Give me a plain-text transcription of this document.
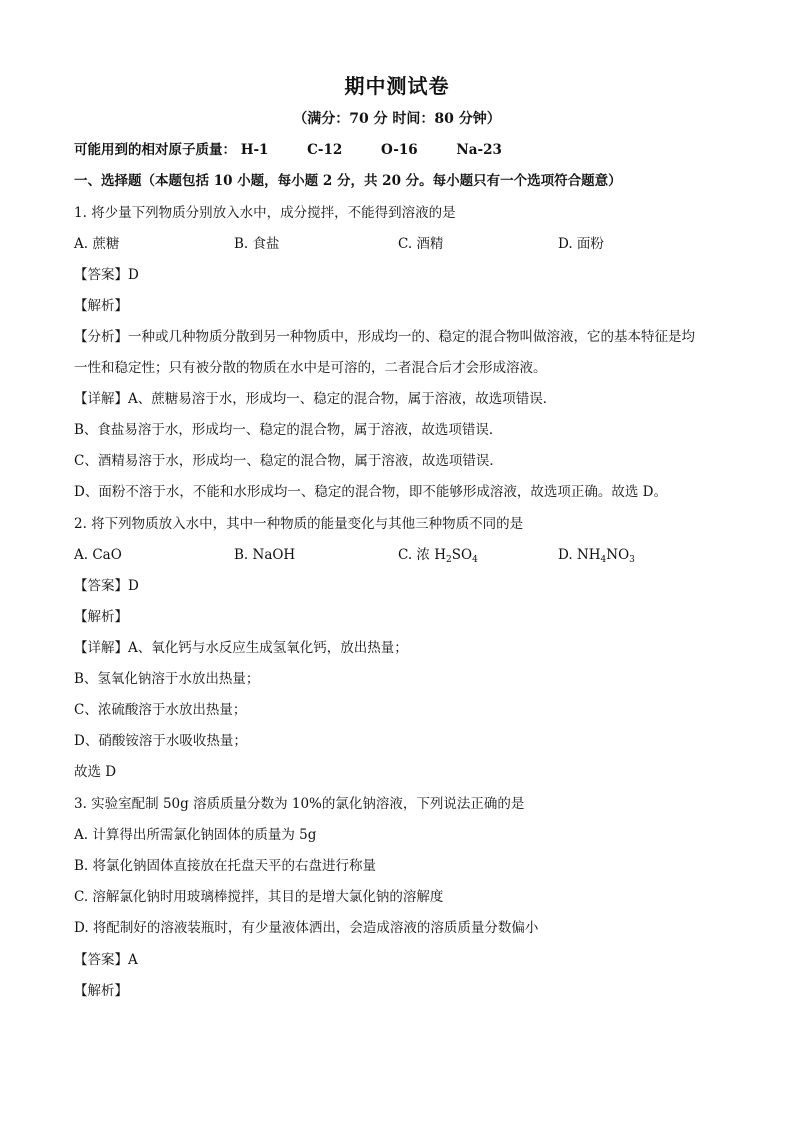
期中测试卷
（满分：70 分 时间：80 分钟）
可能用到的相对原子质量： H-1	C-12	O-16	Na-23
一、选择题（本题包括 10 小题，每小题 2 分，共 20 分。每小题只有一个选项符合题意）
1. 将少量下列物质分别放入水中，成分搅拌，不能得到溶液的是
A. 蔗糖	B. 食盐	C. 酒精	D. 面粉
【答案】D
【解析】
【分析】一种或几种物质分散到另一种物质中，形成均一的、稳定的混合物叫做溶液，它的基本特征是均
一性和稳定性；只有被分散的物质在水中是可溶的，二者混合后才会形成溶液。
【详解】A、蔗糖易溶于水，形成均一、稳定的混合物，属于溶液，故选项错误．
B、食盐易溶于水，形成均一、稳定的混合物，属于溶液，故选项错误．
C、酒精易溶于水，形成均一、稳定的混合物，属于溶液，故选项错误．
D、面粉不溶于水，不能和水形成均一、稳定的混合物，即不能够形成溶液，故选项正确。故选 D。
2. 将下列物质放入水中，其中一种物质的能量变化与其他三种物质不同的是
A. CaO	B. NaOH	C. 浓 $H_2SO_4$	D. $NH_4NO_3$
【答案】D
【解析】
【详解】A、氧化钙与水反应生成氢氧化钙，放出热量；
B、氢氧化钠溶于水放出热量；
C、浓硫酸溶于水放出热量；
D、硝酸铵溶于水吸收热量；
故选 D
3. 实验室配制 50g 溶质质量分数为 10%的氯化钠溶液，下列说法正确的是
A. 计算得出所需氯化钠固体的质量为 5g
B. 将氯化钠固体直接放在托盘天平的右盘进行称量
C. 溶解氯化钠时用玻璃棒搅拌，其目的是增大氯化钠的溶解度
D. 将配制好的溶液装瓶时，有少量液体洒出，会造成溶液的溶质质量分数偏小
【答案】A
【解析】
